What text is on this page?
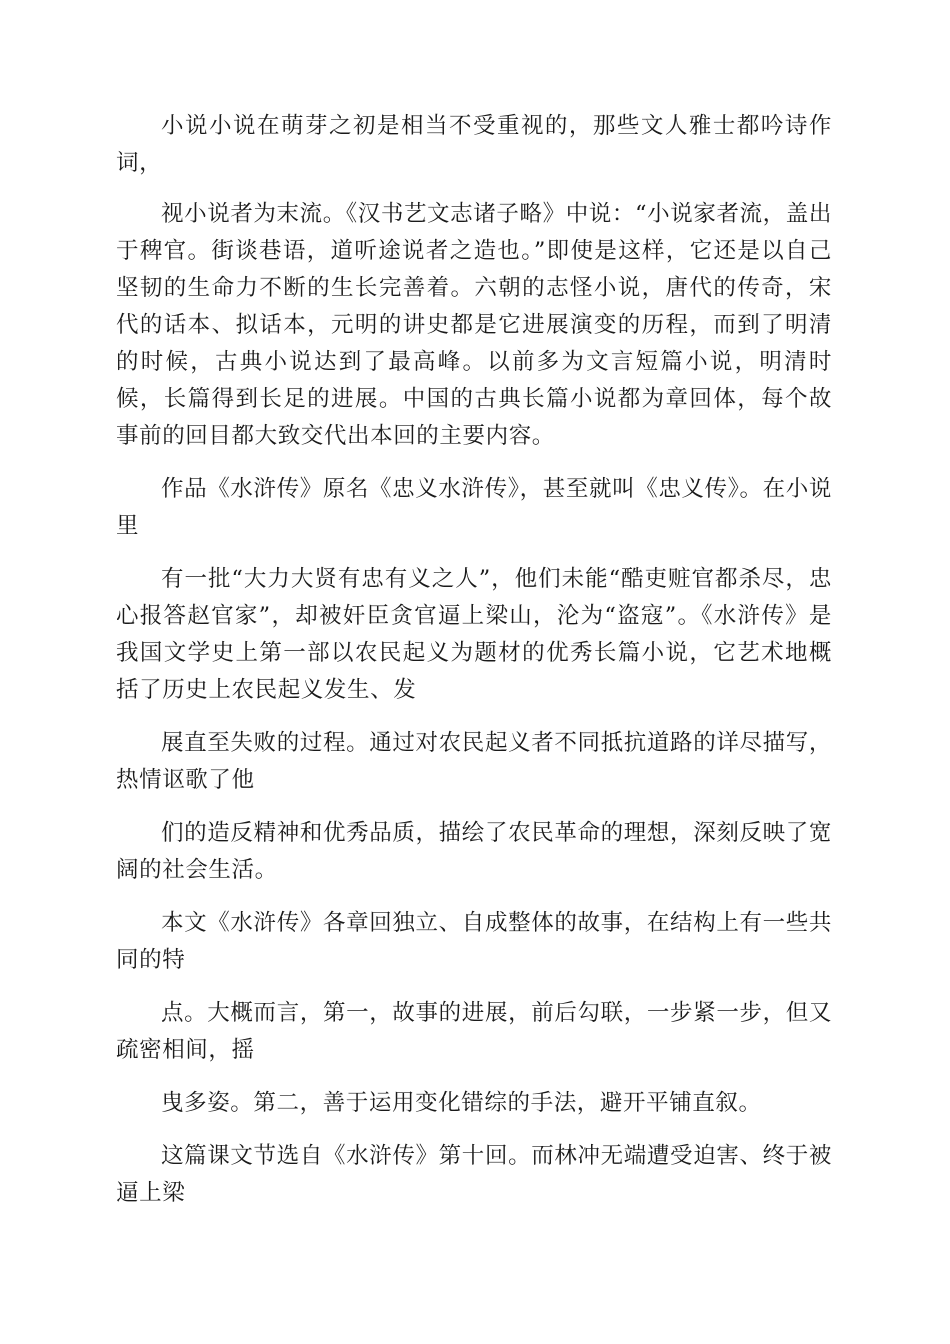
小说小说在萌芽之初是相当不受重视的，那些文人雅士都吟诗作词，

视小说者为末流。《汉书艺文志诸子略》中说：“小说家者流，盖出于稗官。街谈巷语，道听途说者之造也。”即使是这样，它还是以自己坚韧的生命力不断的生长完善着。六朝的志怪小说，唐代的传奇，宋代的话本、拟话本，元明的讲史都是它进展演变的历程，而到了明清的时候，古典小说达到了最高峰。以前多为文言短篇小说，明清时候，长篇得到长足的进展。中国的古典长篇小说都为章回体，每个故事前的回目都大致交代出本回的主要内容。

作品《水浒传》原名《忠义水浒传》，甚至就叫《忠义传》。在小说里

有一批“大力大贤有忠有义之人”，他们未能“酷吏赃官都杀尽，忠心报答赵官家”，却被奸臣贪官逼上梁山，沦为“盗寇”。《水浒传》是我国文学史上第一部以农民起义为题材的优秀长篇小说，它艺术地概括了历史上农民起义发生、发

展直至失败的过程。通过对农民起义者不同抵抗道路的详尽描写，热情讴歌了他

们的造反精神和优秀品质，描绘了农民革命的理想，深刻反映了宽阔的社会生活。

本文《水浒传》各章回独立、自成整体的故事，在结构上有一些共同的特

点。大概而言，第一，故事的进展，前后勾联，一步紧一步，但又疏密相间，摇

曳多姿。第二，善于运用变化错综的手法，避开平铺直叙。

这篇课文节选自《水浒传》第十回。而林冲无端遭受迫害、终于被逼上梁
